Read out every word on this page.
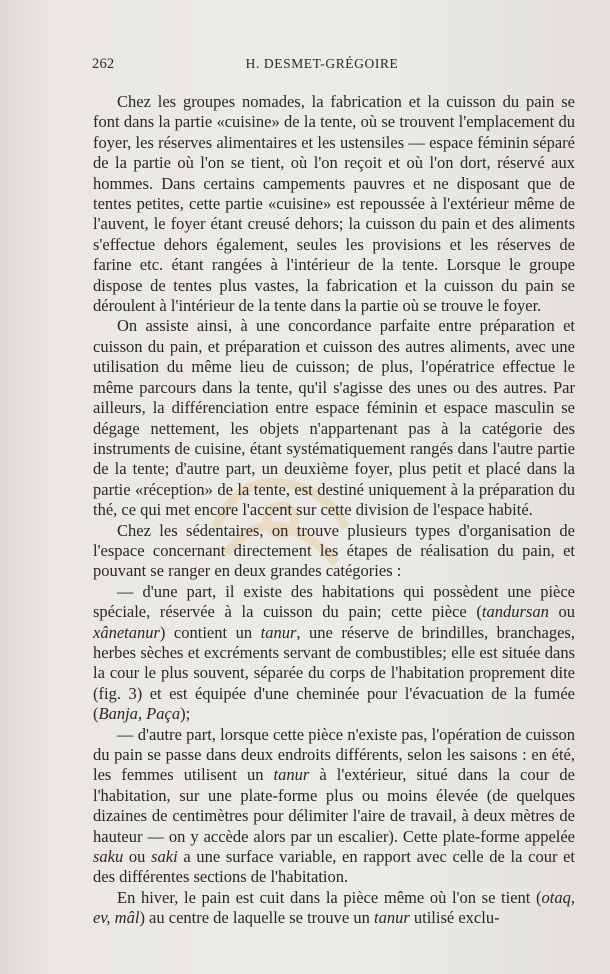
262	H. DESMET-GRÉGOIRE

Chez les groupes nomades, la fabrication et la cuisson du pain se font dans la partie «cuisine» de la tente, où se trouvent l'emplacement du foyer, les réserves alimentaires et les ustensiles — espace féminin séparé de la partie où l'on se tient, où l'on reçoit et où l'on dort, réservé aux hommes. Dans certains campements pauvres et ne disposant que de tentes petites, cette partie «cuisine» est repoussée à l'extérieur même de l'auvent, le foyer étant creusé dehors; la cuisson du pain et des aliments s'effectue dehors également, seules les provisions et les réserves de farine etc. étant rangées à l'intérieur de la tente. Lorsque le groupe dispose de tentes plus vastes, la fabrication et la cuisson du pain se déroulent à l'intérieur de la tente dans la partie où se trouve le foyer.

On assiste ainsi, à une concordance parfaite entre préparation et cuisson du pain, et préparation et cuisson des autres aliments, avec une utilisation du même lieu de cuisson; de plus, l'opératrice effectue le même parcours dans la tente, qu'il s'agisse des unes ou des autres. Par ailleurs, la différenciation entre espace féminin et espace masculin se dégage nettement, les objets n'appartenant pas à la catégorie des instruments de cuisine, étant systématiquement rangés dans l'autre partie de la tente; d'autre part, un deuxième foyer, plus petit et placé dans la partie «réception» de la tente, est destiné uniquement à la préparation du thé, ce qui met encore l'accent sur cette division de l'espace habité.

Chez les sédentaires, on trouve plusieurs types d'organisation de l'espace concernant directement les étapes de réalisation du pain, et pouvant se ranger en deux grandes catégories :

— d'une part, il existe des habitations qui possèdent une pièce spéciale, réservée à la cuisson du pain; cette pièce (tandursan ou xânetanur) contient un tanur, une réserve de brindilles, branchages, herbes sèches et excréments servant de combustibles; elle est située dans la cour le plus souvent, séparée du corps de l'habitation proprement dite (fig. 3) et est équipée d'une cheminée pour l'évacuation de la fumée (Banja, Paça);

— d'autre part, lorsque cette pièce n'existe pas, l'opération de cuisson du pain se passe dans deux endroits différents, selon les saisons : en été, les femmes utilisent un tanur à l'extérieur, situé dans la cour de l'habitation, sur une plate-forme plus ou moins élevée (de quelques dizaines de centimètres pour délimiter l'aire de travail, à deux mètres de hauteur — on y accède alors par un escalier). Cette plate-forme appelée saku ou saki a une surface variable, en rapport avec celle de la cour et des différentes sections de l'habitation.

En hiver, le pain est cuit dans la pièce même où l'on se tient (otaq, ev, mâl) au centre de laquelle se trouve un tanur utilisé exclu-
